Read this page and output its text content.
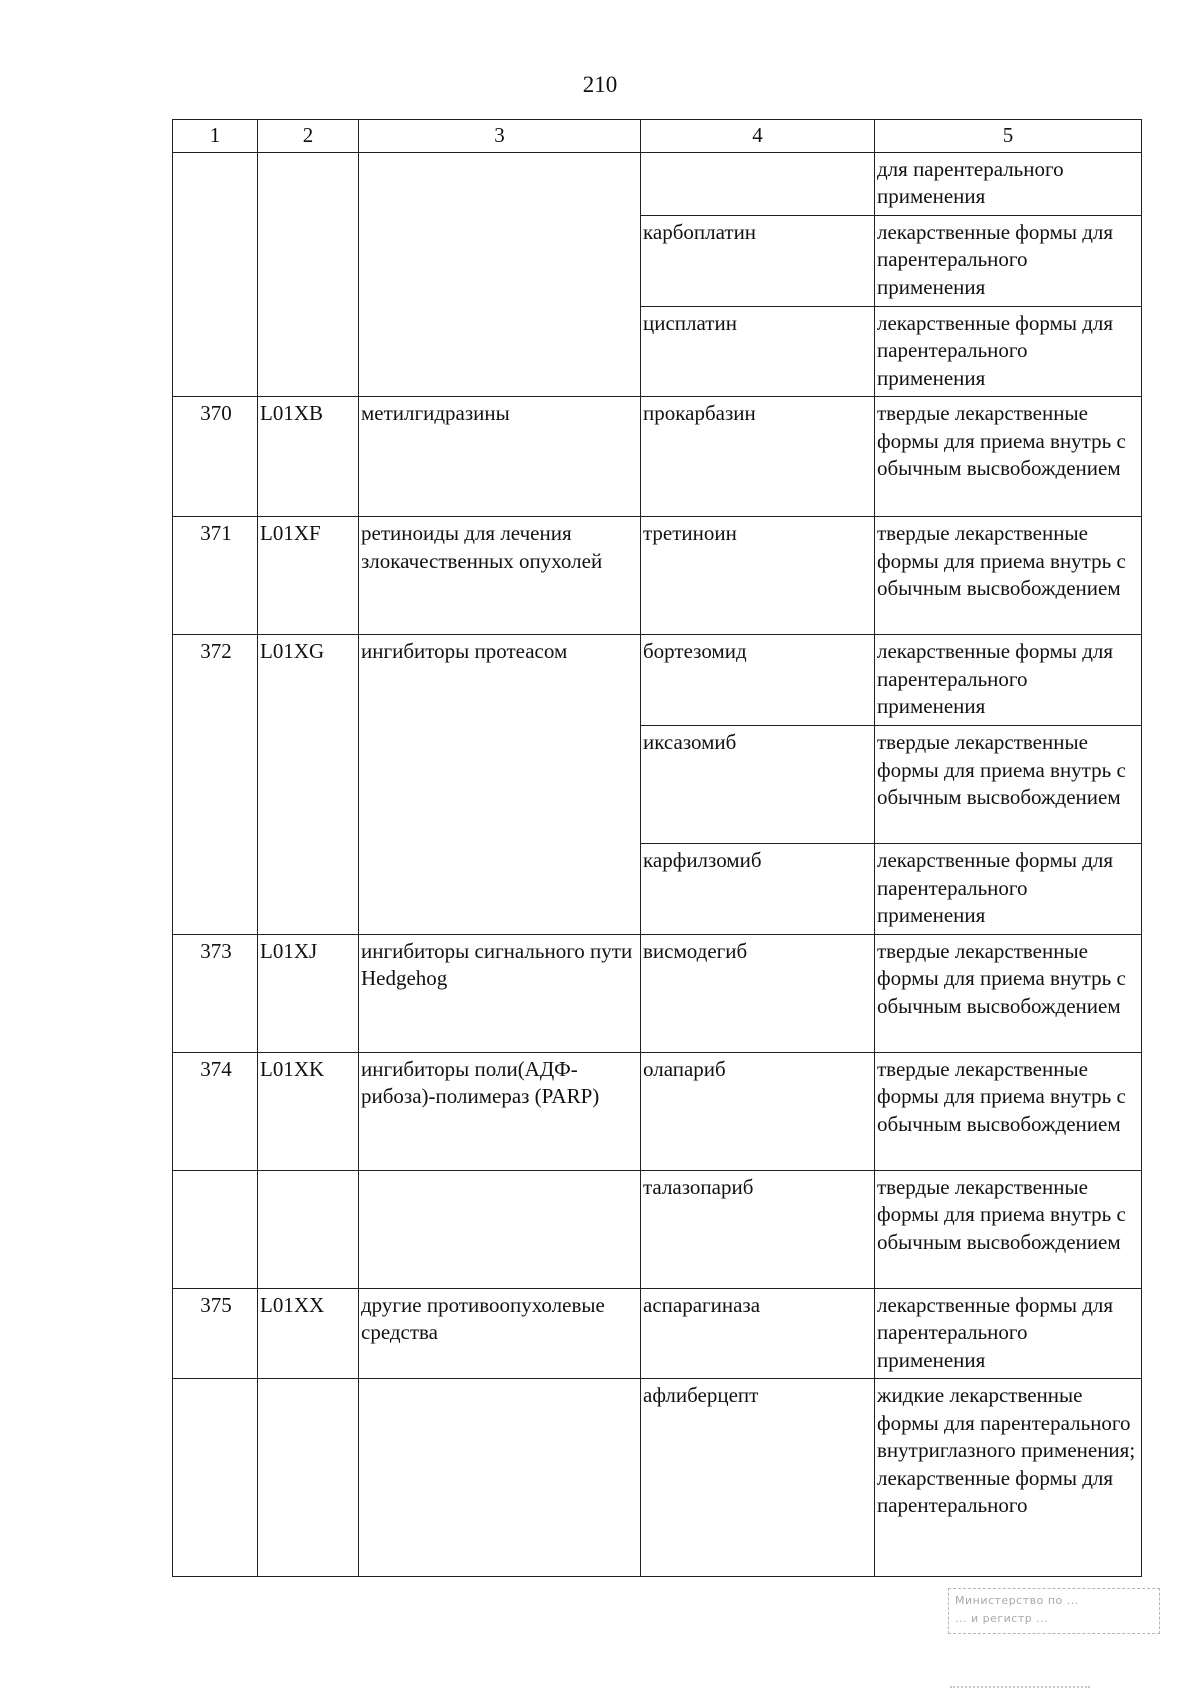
210
1	2	3	4	5
				для парентерального применения
			карбоплатин	лекарственные формы для парентерального применения
			цисплатин	лекарственные формы для парентерального применения
370	L01XB	метилгидразины	прокарбазин	твердые лекарственные формы для приема внутрь с обычным высвобождением
371	L01XF	ретиноиды для лечения злокачественных опухолей	третиноин	твердые лекарственные формы для приема внутрь с обычным высвобождением
372	L01XG	ингибиторы протеасом	бортезомид	лекарственные формы для парентерального применения
			иксазомиб	твердые лекарственные формы для приема внутрь с обычным высвобождением
			карфилзомиб	лекарственные формы для парентерального применения
373	L01XJ	ингибиторы сигнального пути Hedgehog	висмодегиб	твердые лекарственные формы для приема внутрь с обычным высвобождением
374	L01XK	ингибиторы поли(АДФ-рибоза)-полимераз (PARP)	олапариб	твердые лекарственные формы для приема внутрь с обычным высвобождением
			талазопариб	твердые лекарственные формы для приема внутрь с обычным высвобождением
375	L01XX	другие противоопухолевые средства	аспарагиназа	лекарственные формы для парентерального применения
			афлиберцепт	жидкие лекарственные формы для парентерального внутриглазного применения; лекарственные формы для парентерального
Министерство по ...
... и регистр ...
